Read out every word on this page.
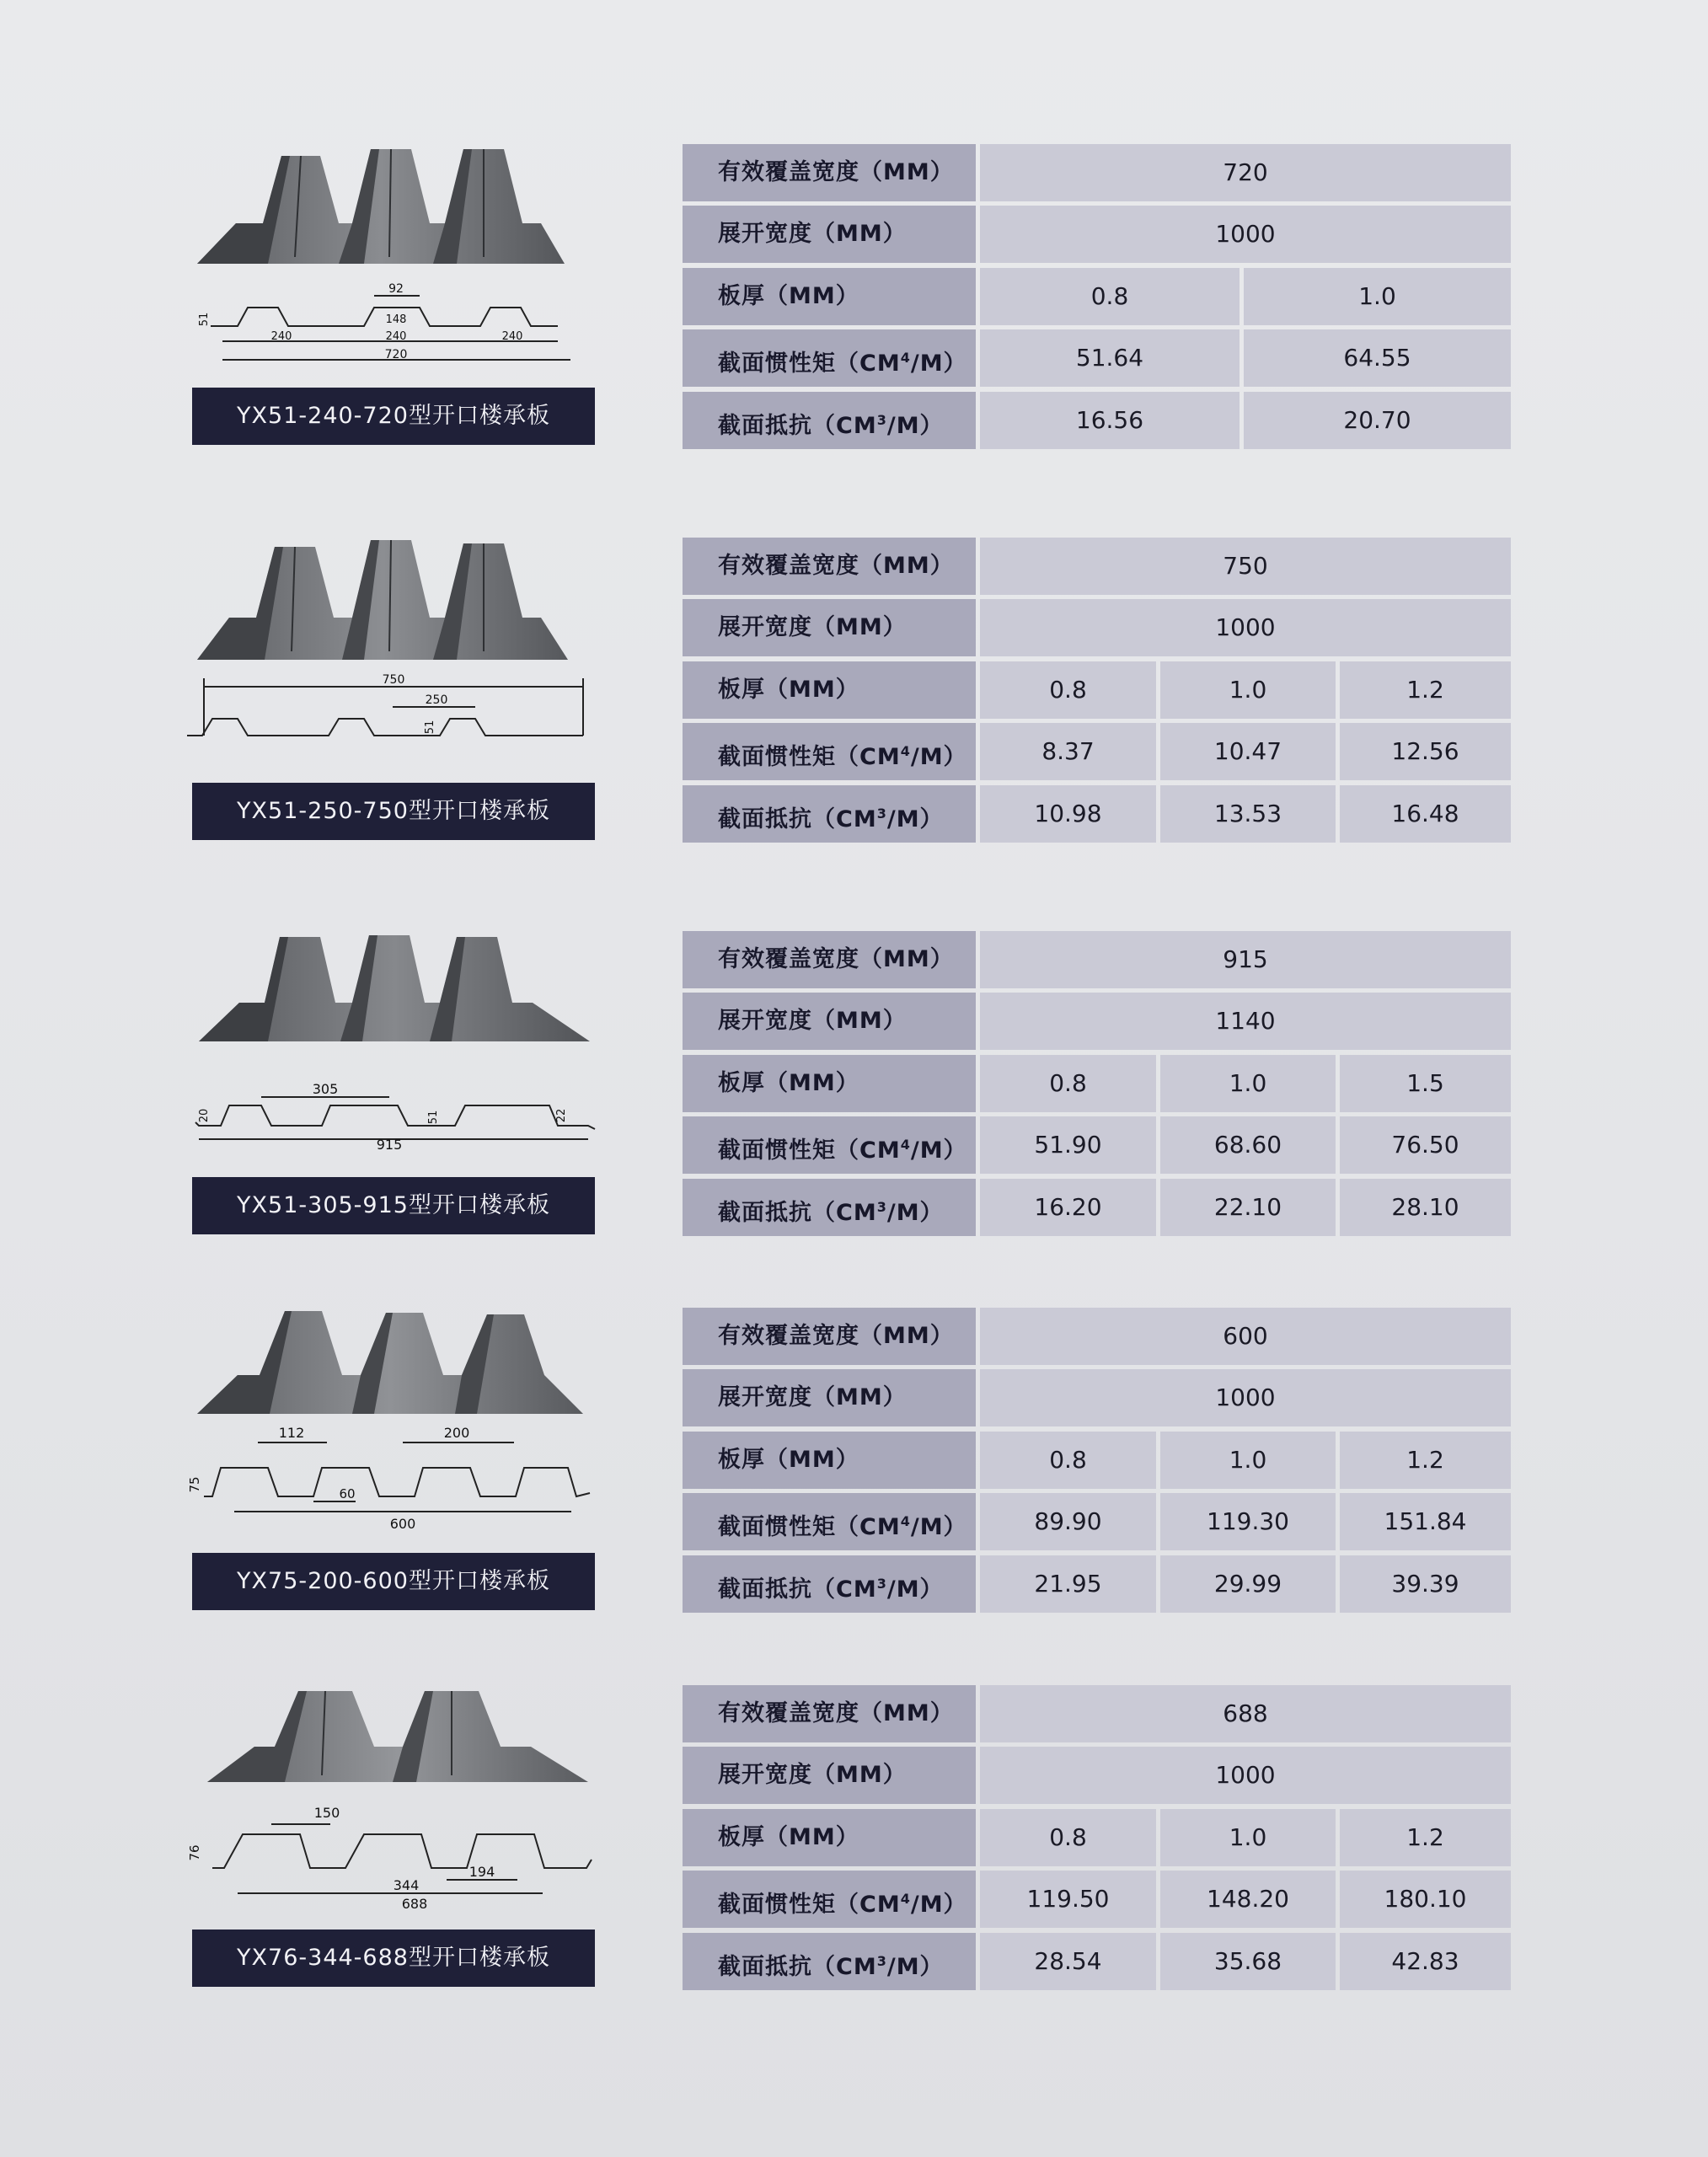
92
148
51
240	240	240
720
YX51-240-720型开口楼承板
有效覆盖宽度（MM）	720
展开宽度（MM）	1000
板厚（MM）	0.8	1.0
截面惯性矩$(CM^4/M)$	51.64	64.55
截面抵抗$(CM^3/M)$	16.56	20.70
750
250
51
YX51-250-750型开口楼承板
有效覆盖宽度（MM）	750
展开宽度（MM）	1000
板厚（MM）	0.8	1.0	1.2
截面惯性矩$(CM^4/M)$	8.37	10.47	12.56
截面抵抗$(CM^3/M)$	10.98	13.53	16.48
305
20	51	22
915
YX51-305-915型开口楼承板
有效覆盖宽度（MM）	915
展开宽度（MM）	1140
板厚（MM）	0.8	1.0	1.5
截面惯性矩$(CM^4/M)$	51.90	68.60	76.50
截面抵抗$(CM^3/M)$	16.20	22.10	28.10
112	200
75
60
600
YX75-200-600型开口楼承板
有效覆盖宽度（MM）	600
展开宽度（MM）	1000
板厚（MM）	0.8	1.0	1.2
截面惯性矩$(CM^4/M)$	89.90	119.30	151.84
截面抵抗$(CM^3/M)$	21.95	29.99	39.39
150
76
344
194
688
YX76-344-688型开口楼承板
有效覆盖宽度（MM）	688
展开宽度（MM）	1000
板厚（MM）	0.8	1.0	1.2
截面惯性矩$(CM^4/M)$	119.50	148.20	180.10
截面抵抗$(CM^3/M)$	28.54	35.68	42.83
